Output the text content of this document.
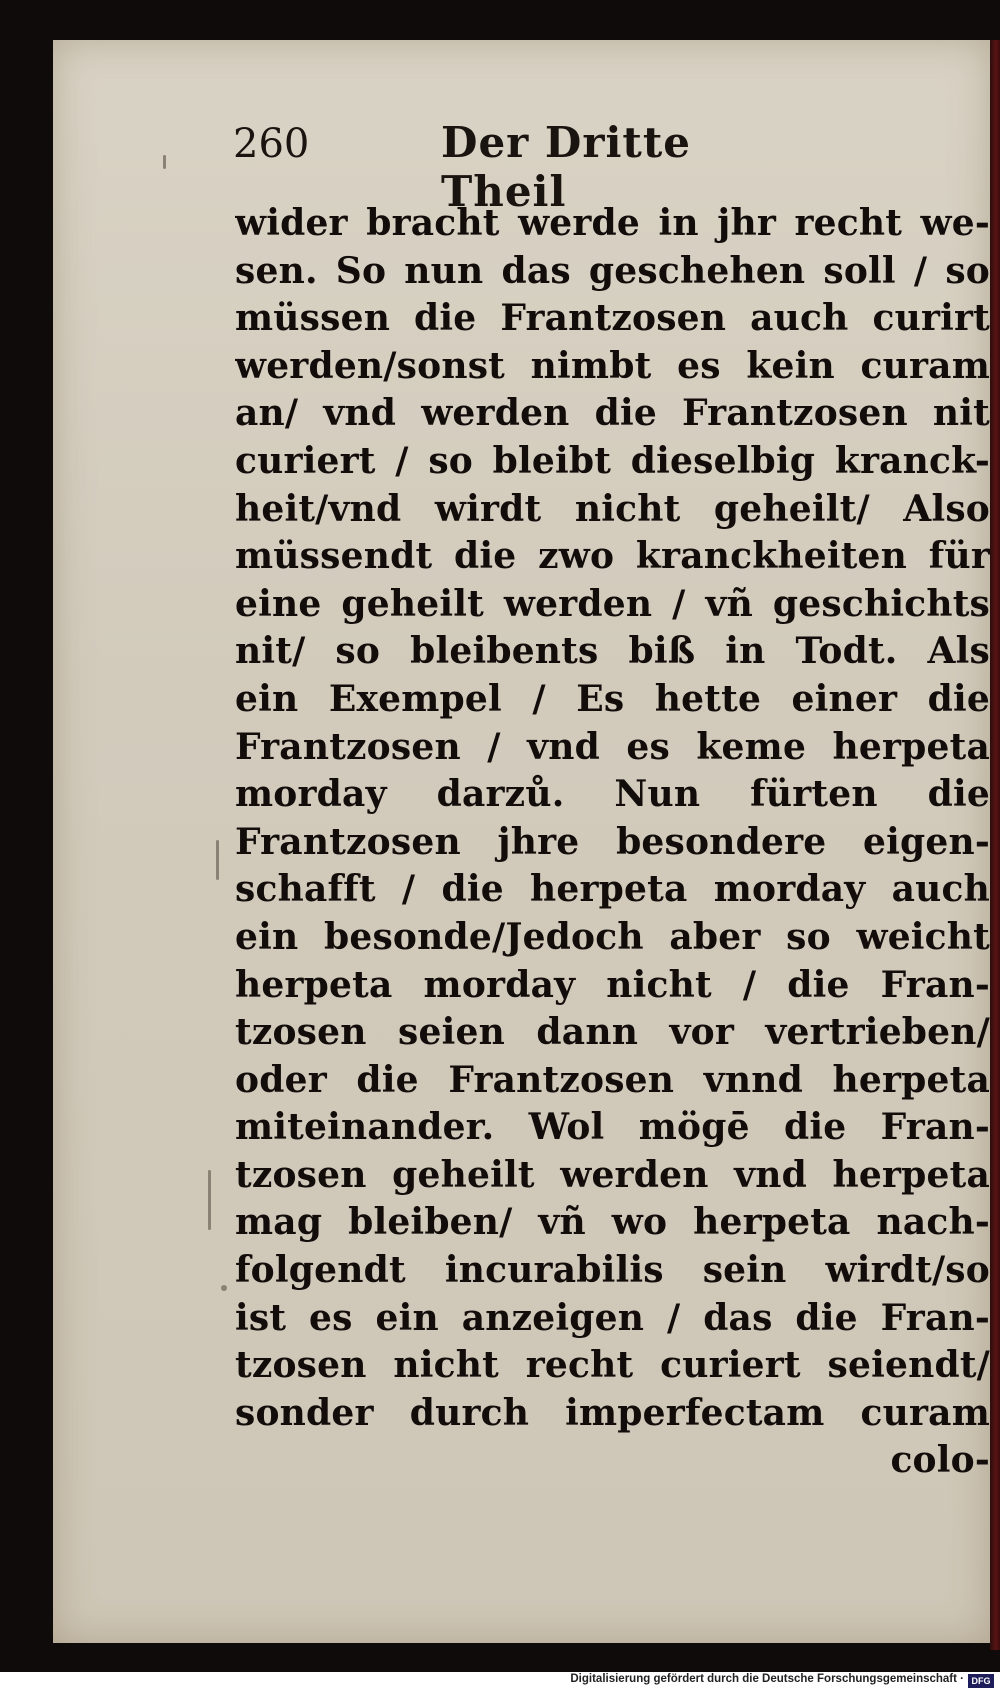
260	Der Dritte Theil
wider bracht werde in jhr recht we-
sen. So nun das geschehen soll / so
müssen die Frantzosen auch curirt
werden/sonst nimbt es kein curam
an/ vnd werden die Frantzosen nit
curiert / so bleibt dieselbig kranck-
heit/vnd wirdt nicht geheilt/ Also
müssendt die zwo kranckheiten für
eine geheilt werden / vñ geschichts
nit/ so bleibents biß in Todt. Als
ein Exempel / Es hette einer die
Frantzosen / vnd es keme herpeta
morday darzů. Nun fürten die
Frantzosen jhre besondere eigen-
schafft / die herpeta morday auch
ein besonde/Jedoch aber so weicht
herpeta morday nicht / die Fran-
tzosen seien dann vor vertrieben/
oder die Frantzosen vnnd herpeta
miteinander. Wol mögē die Fran-
tzosen geheilt werden vnd herpeta
mag bleiben/ vñ wo herpeta nach-
folgendt incurabilis sein wirdt/so
ist es ein anzeigen / das die Fran-
tzosen nicht recht curiert seiendt/
sonder durch imperfectam curam
colo-
Digitalisierung gefördert durch die Deutsche Forschungsgemeinschaft · DFG
